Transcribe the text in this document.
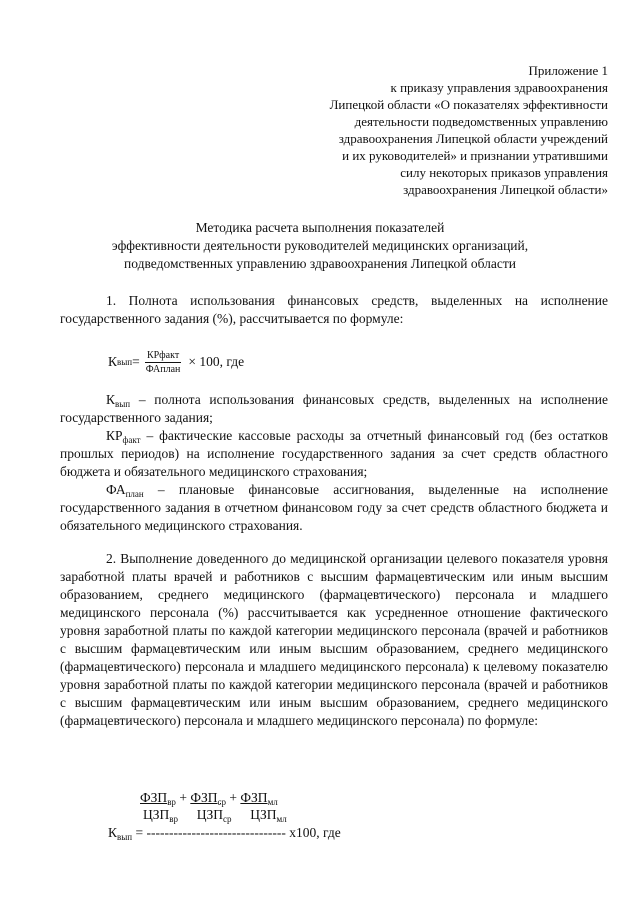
Приложение 1
к приказу управления здравоохранения
Липецкой области «О показателях эффективности
деятельности подведомственных управлению
здравоохранения Липецкой области учреждений
и их руководителей» и признании утратившими
силу некоторых приказов управления
здравоохранения Липецкой области»
Методика расчета выполнения показателей
эффективности деятельности руководителей медицинских организаций,
подведомственных управлению здравоохранения Липецкой области
1. Полнота использования финансовых средств, выделенных на исполнение государственного задания (%), рассчитывается по формуле:
К вып = $\frac{\text{КРфакт}}{\text{ФАплан}} \times 100$, где
$К_{вып}$ – полнота использования финансовых средств, выделенных на исполнение государственного задания;
$КР_{факт}$ – фактические кассовые расходы за отчетный финансовый год (без остатков прошлых периодов) на исполнение государственного задания за счет средств областного бюджета и обязательного медицинского страхования;
$ФА_{план}$ – плановые финансовые ассигнования, выделенные на исполнение государственного задания в отчетном финансовом году за счет средств областного бюджета и обязательного медицинского страхования.
2. Выполнение доведенного до медицинской организации целевого показателя уровня заработной платы врачей и работников с высшим фармацевтическим или иным высшим образованием, среднего медицинского (фармацевтического) персонала и младшего медицинского персонала (%) рассчитывается как усредненное отношение фактического уровня заработной платы по каждой категории медицинского персонала (врачей и работников с высшим фармацевтическим или иным высшим образованием, среднего медицинского (фармацевтического) персонала и младшего медицинского персонала) к целевому показателю уровня заработной платы по каждой категории медицинского персонала (врачей и работников с высшим фармацевтическим или иным высшим образованием, среднего медицинского (фармацевтического) персонала и младшего медицинского персонала) по формуле:
$ФЗП_{вр} + ФЗП_{ср} + ФЗП_{мл}$
$ЦЗП_{вр}$ $ЦЗП_{ср}$ $ЦЗП_{мл}$
$К_{вып}$ = ------------------------------- х100, где
